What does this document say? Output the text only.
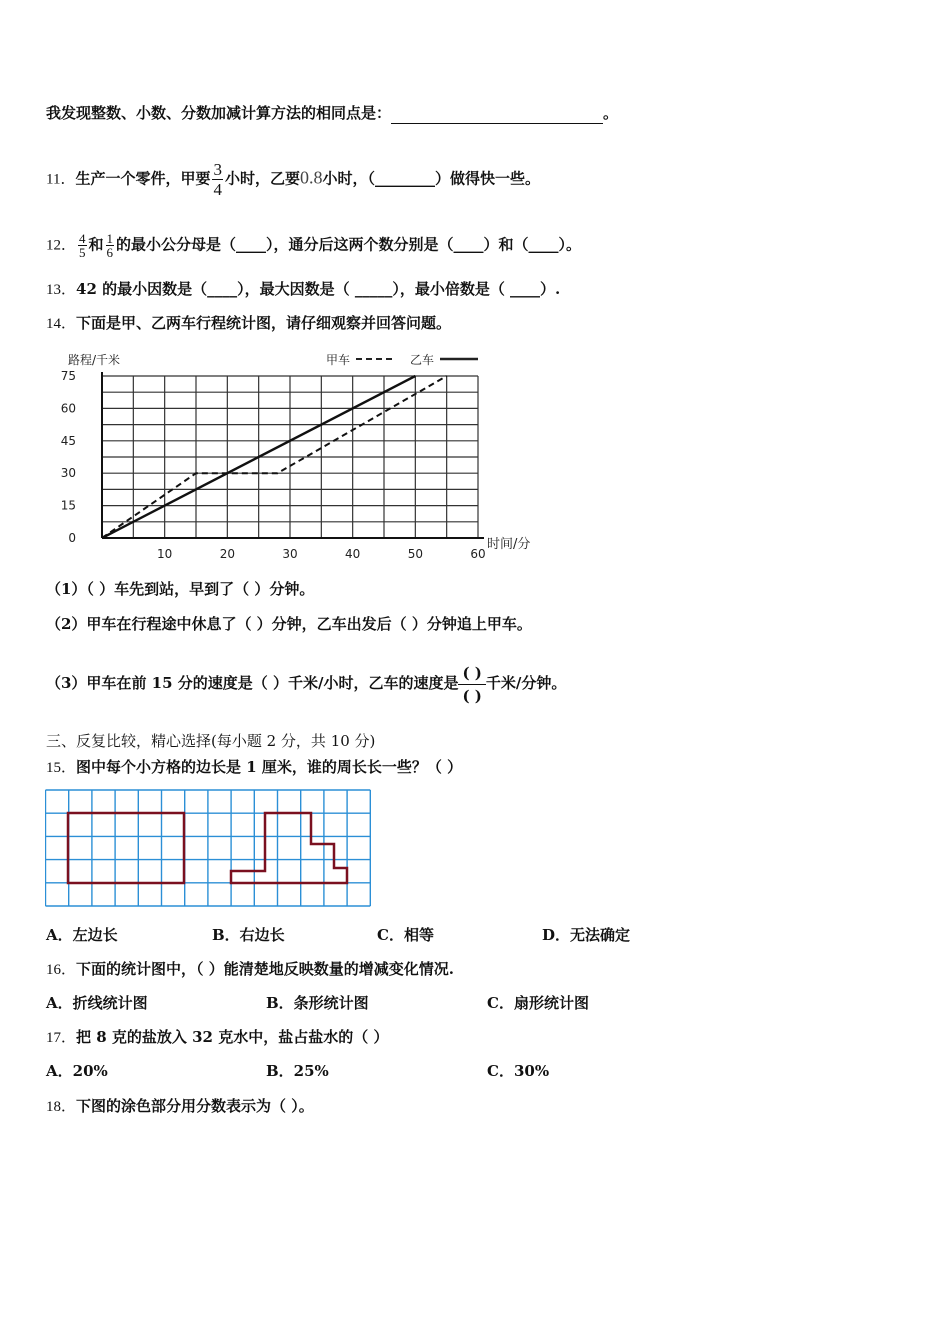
我发现整数、小数、分数加减计算方法的相同点是：	。
11．生产一个零件，甲要 $\frac{3}{4}$ 小时，乙要0.8小时，（________）做得快一些。
12． $\frac{4}{5}$ 和 $\frac{1}{6}$ 的最小公分母是（____），通分后这两个数分别是（____）和（____）。
13．42 的最小因数是（____），最大因数是（ _____），最小倍数是（ ____）.
14．下面是甲、乙两车行程统计图，请仔细观察并回答问题。
0
15
30
45
60
75
10	20	30	40	50	60
路程/千米
时间/分
甲车	乙车
（1）（ ）车先到站，早到了（ ）分钟。
（2）甲车在行程途中休息了（ ）分钟，乙车出发后（ ）分钟追上甲车。
（3）甲车在前 15 分的速度是（ ）千米/小时，乙车的速度是
( )
( )千米/分钟。
三、反复比较，精心选择(每小题 2 分，共 10 分)
15．图中每个小方格的边长是 1 厘米，谁的周长长一些？（ ）
A．左边长	B．右边长	C．相等	D．无法确定
16．下面的统计图中，（ ）能清楚地反映数量的增减变化情况.
A．折线统计图	B．条形统计图	C．扇形统计图
17．把 8 克的盐放入 32 克水中，盐占盐水的（ ）
A．20%	B．25%	C．30%
18．下图的涂色部分用分数表示为（ ）。
